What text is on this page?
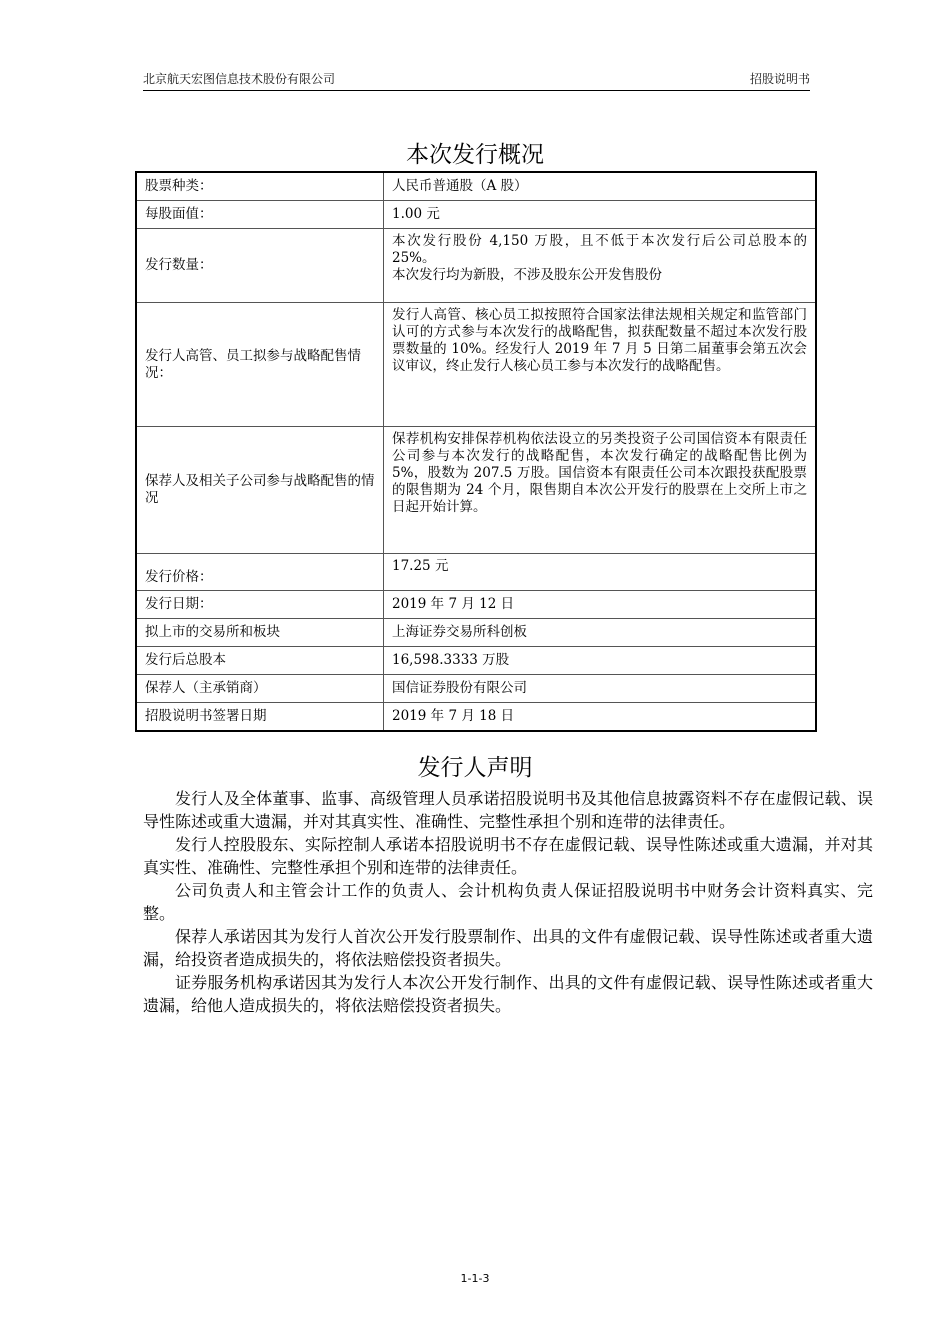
北京航天宏图信息技术股份有限公司	招股说明书
本次发行概况
股票种类：	人民币普通股（A 股）
每股面值：	1.00 元
发行数量：	本次发行股份 4,150 万股，且不低于本次发行后公司总股本的 25%。
本次发行均为新股，不涉及股东公开发售股份

发行人高管、员工拟参与战略配售情况：	发行人高管、核心员工拟按照符合国家法律法规相关规定和监管部门认可的方式参与本次发行的战略配售，拟获配数量不超过本次发行股票数量的 10%。经发行人 2019 年 7 月 5 日第二届董事会第五次会议审议，终止发行人核心员工参与本次发行的战略配售。
保荐人及相关子公司参与战略配售的情况	保荐机构安排保荐机构依法设立的另类投资子公司国信资本有限责任公司参与本次发行的战略配售，本次发行确定的战略配售比例为 5%，股数为 207.5 万股。国信资本有限责任公司本次跟投获配股票的限售期为 24 个月，限售期自本次公开发行的股票在上交所上市之日起开始计算。
发行价格：	17.25 元
发行日期：	2019 年 7 月 12 日
拟上市的交易所和板块	上海证券交易所科创板
发行后总股本	16,598.3333 万股
保荐人（主承销商）	国信证券股份有限公司
招股说明书签署日期	2019 年 7 月 18 日
发行人声明

发行人及全体董事、监事、高级管理人员承诺招股说明书及其他信息披露资料不存在虚假记载、误导性陈述或重大遗漏，并对其真实性、准确性、完整性承担个别和连带的法律责任。

发行人控股股东、实际控制人承诺本招股说明书不存在虚假记载、误导性陈述或重大遗漏，并对其真实性、准确性、完整性承担个别和连带的法律责任。

公司负责人和主管会计工作的负责人、会计机构负责人保证招股说明书中财务会计资料真实、完整。

保荐人承诺因其为发行人首次公开发行股票制作、出具的文件有虚假记载、误导性陈述或者重大遗漏，给投资者造成损失的，将依法赔偿投资者损失。

证券服务机构承诺因其为发行人本次公开发行制作、出具的文件有虚假记载、误导性陈述或者重大遗漏，给他人造成损失的，将依法赔偿投资者损失。

1-1-3
